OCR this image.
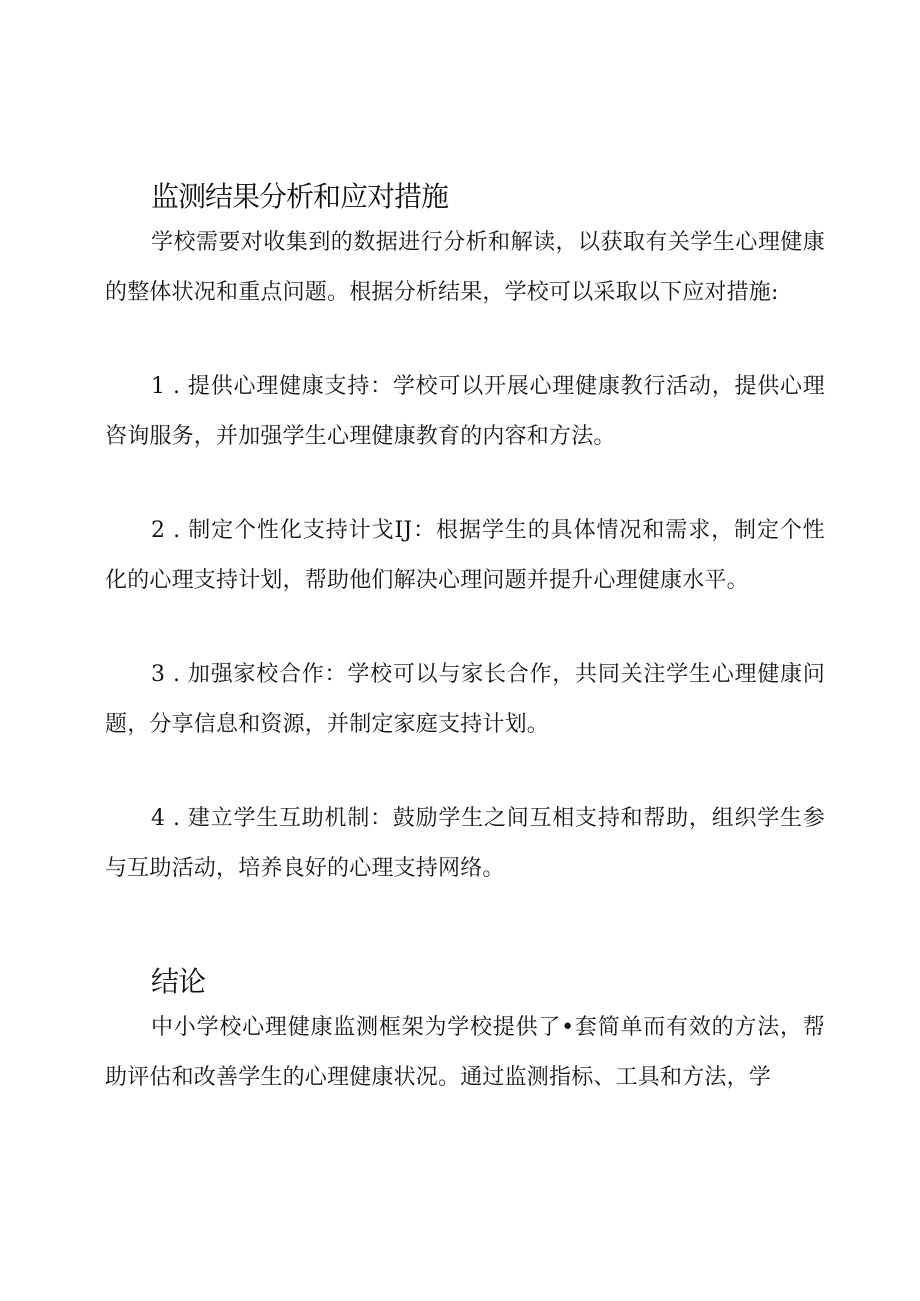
监测结果分析和应对措施

学校需要对收集到的数据进行分析和解读，以获取有关学生心理健康的整体状况和重点问题。根据分析结果，学校可以采取以下应对措施:

1 . 提供心理健康支持：学校可以开展心理健康教行活动，提供心理咨询服务，并加强学生心理健康教育的内容和方法。

2 . 制定个性化支持计戈IJ：根据学生的具体情况和需求，制定个性化的心理支持计划，帮助他们解决心理问题并提升心理健康水平。

3 . 加强家校合作：学校可以与家长合作，共同关注学生心理健康问题，分享信息和资源，并制定家庭支持计划。

4 . 建立学生互助机制：鼓励学生之间互相支持和帮助，组织学生参与互助活动，培养良好的心理支持网络。

结论

中小学校心理健康监测框架为学校提供了•套简单而有效的方法，帮助评估和改善学生的心理健康状况。通过监测指标、工具和方法，学
